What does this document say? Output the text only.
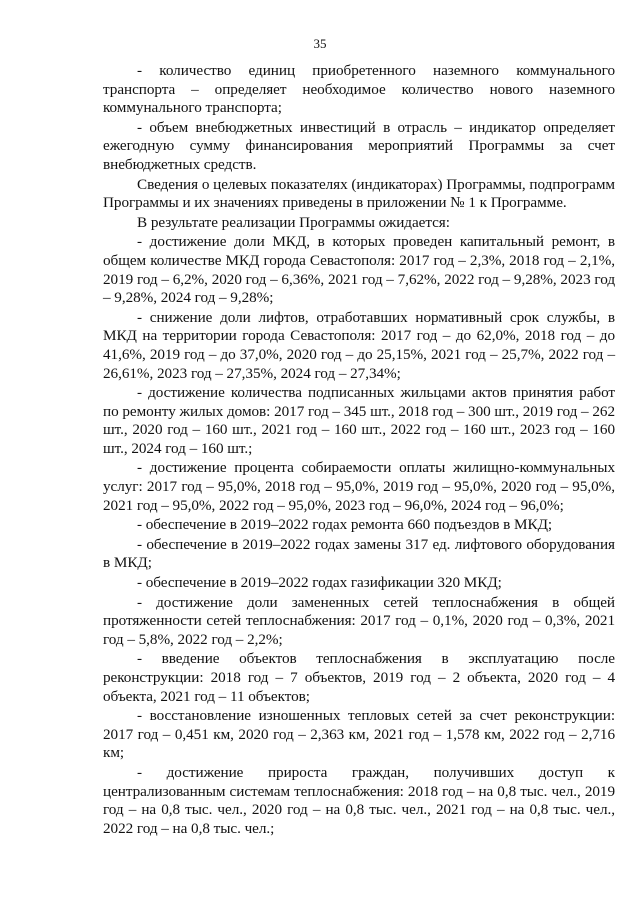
35

- количество единиц приобретенного наземного коммунального транспорта – определяет необходимое количество нового наземного коммунального транспорта;

- объем внебюджетных инвестиций в отрасль – индикатор определяет ежегодную сумму финансирования мероприятий Программы за счет внебюджетных средств.

Сведения о целевых показателях (индикаторах) Программы, подпрограмм Программы и их значениях приведены в приложении № 1 к Программе.

В результате реализации Программы ожидается:

- достижение доли МКД, в которых проведен капитальный ремонт, в общем количестве МКД города Севастополя: 2017 год – 2,3%, 2018 год – 2,1%, 2019 год – 6,2%, 2020 год – 6,36%, 2021 год – 7,62%, 2022 год – 9,28%, 2023 год – 9,28%, 2024 год – 9,28%;

- снижение доли лифтов, отработавших нормативный срок службы, в МКД на территории города Севастополя: 2017 год – до 62,0%, 2018 год – до 41,6%, 2019 год – до 37,0%, 2020 год – до 25,15%, 2021 год – 25,7%, 2022 год – 26,61%, 2023 год – 27,35%, 2024 год – 27,34%;

- достижение количества подписанных жильцами актов принятия работ по ремонту жилых домов: 2017 год – 345 шт., 2018 год – 300 шт., 2019 год – 262 шт., 2020 год – 160 шт., 2021 год – 160 шт., 2022 год – 160 шт., 2023 год – 160 шт., 2024 год – 160 шт.;

- достижение процента собираемости оплаты жилищно-коммунальных услуг: 2017 год – 95,0%, 2018 год – 95,0%, 2019 год – 95,0%, 2020 год – 95,0%, 2021 год – 95,0%, 2022 год – 95,0%, 2023 год – 96,0%, 2024 год – 96,0%;

- обеспечение в 2019–2022 годах ремонта 660 подъездов в МКД;

- обеспечение в 2019–2022 годах замены 317 ед. лифтового оборудования в МКД;

- обеспечение в 2019–2022 годах газификации 320 МКД;

- достижение доли замененных сетей теплоснабжения в общей протяженности сетей теплоснабжения: 2017 год – 0,1%, 2020 год – 0,3%, 2021 год – 5,8%, 2022 год – 2,2%;

- введение объектов теплоснабжения в эксплуатацию после реконструкции: 2018 год – 7 объектов, 2019 год – 2 объекта, 2020 год – 4 объекта, 2021 год – 11 объектов;

- восстановление изношенных тепловых сетей за счет реконструкции: 2017 год – 0,451 км, 2020 год – 2,363 км, 2021 год – 1,578 км, 2022 год – 2,716 км;

- достижение прироста граждан, получивших доступ к централизованным системам теплоснабжения: 2018 год – на 0,8 тыс. чел., 2019 год – на 0,8 тыс. чел., 2020 год – на 0,8 тыс. чел., 2021 год – на 0,8 тыс. чел., 2022 год – на 0,8 тыс. чел.;
